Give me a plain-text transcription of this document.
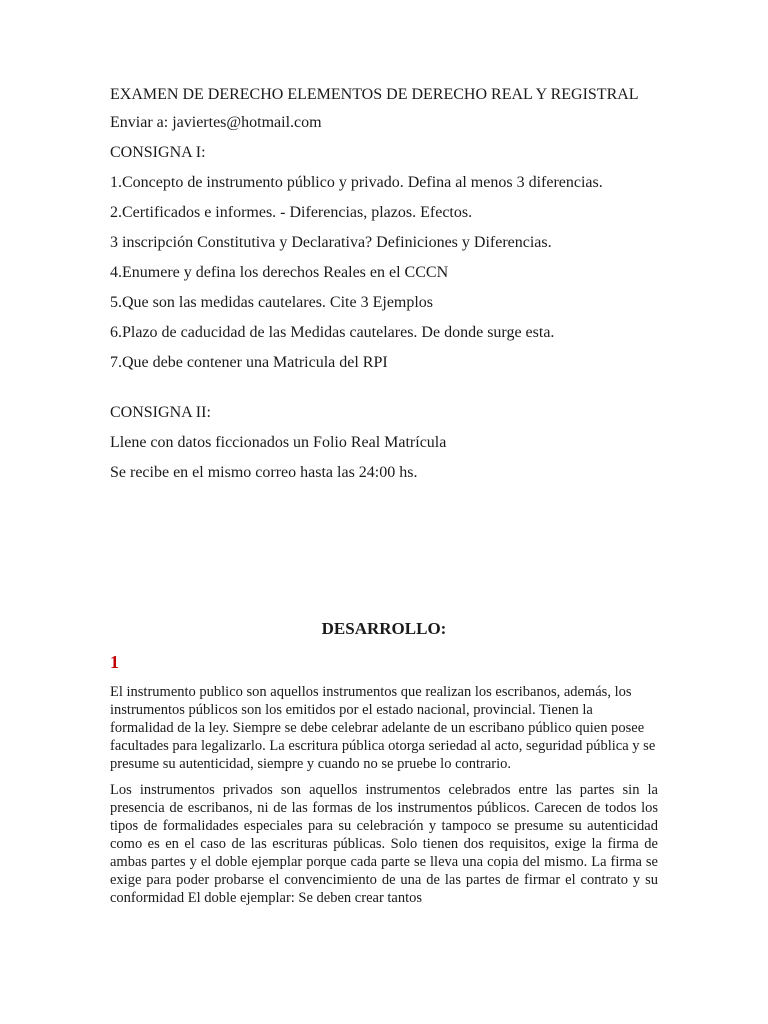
EXAMEN DE DERECHO ELEMENTOS DE DERECHO REAL Y REGISTRAL

Enviar a: javiertes@hotmail.com

CONSIGNA I:

1.Concepto de instrumento público y privado. Defina al menos 3 diferencias.

2.Certificados e informes. - Diferencias, plazos. Efectos.

3 inscripción Constitutiva y Declarativa? Definiciones y Diferencias.

4.Enumere y defina los derechos Reales en el CCCN

5.Que son las medidas cautelares. Cite 3 Ejemplos

6.Plazo de caducidad de las Medidas cautelares. De donde surge esta.

7.Que debe contener una Matricula del RPI

CONSIGNA II:

Llene con datos ficcionados un Folio Real Matrícula

Se recibe en el mismo correo hasta las 24:00 hs.

DESARROLLO:
1

El instrumento publico son aquellos instrumentos que realizan los escribanos, además, los instrumentos públicos son los emitidos por el estado nacional, provincial. Tienen la formalidad de la ley. Siempre se debe celebrar adelante de un escribano público quien posee facultades para legalizarlo. La escritura pública otorga seriedad al acto, seguridad pública y se presume su autenticidad, siempre y cuando no se pruebe lo contrario.

Los instrumentos privados son aquellos instrumentos celebrados entre las partes sin la presencia de escribanos, ni de las formas de los instrumentos públicos. Carecen de todos los tipos de formalidades especiales para su celebración y tampoco se presume su autenticidad como es en el caso de las escrituras públicas. Solo tienen dos requisitos, exige la firma de ambas partes y el doble ejemplar porque cada parte se lleva una copia del mismo. La firma se exige para poder probarse el convencimiento de una de las partes de firmar el contrato y su conformidad El doble ejemplar: Se deben crear tantos
